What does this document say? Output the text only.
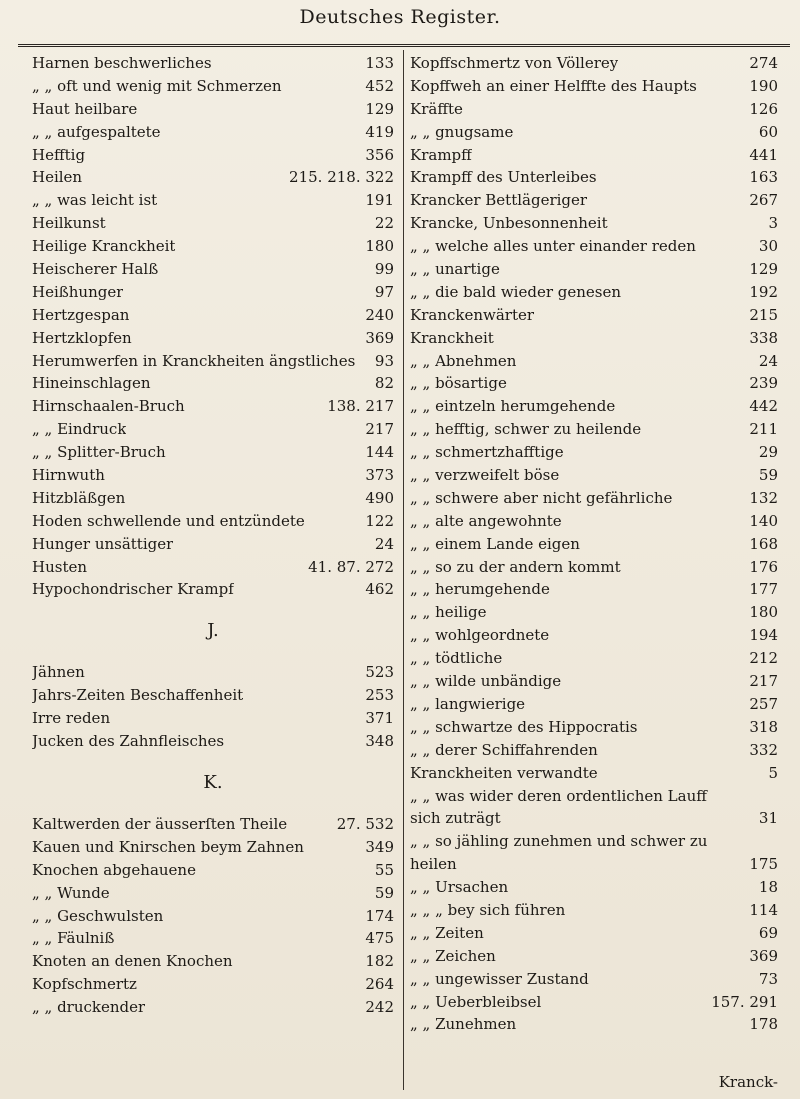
Deutsches Register.
Harnen beschwerliches	133
„ „ oft und wenig mit Schmerzen	452
Haut heilbare	129
„ „ aufgespaltete	419
Hefftig	356
Heilen	215. 218. 322
„ „ was leicht ist	191
Heilkunst	22
Heilige Kranckheit	180
Heischerer Halß	99
Heißhunger	97
Hertzgespan	240
Hertzklopfen	369
Herumwerfen in Kranckheiten ängstliches 93
Hineinschlagen	82
Hirnschaalen-Bruch	138. 217
„ „ Eindruck	217
„ „ Splitter-Bruch	144
Hirnwuth	373
Hitzbläßgen	490
Hoden schwellende und entzündete	122
Hunger unsättiger	24
Husten	41. 87. 272
Hypochondrischer Krampf	462
J.
Jähnen	523
Jahrs-Zeiten Beschaffenheit	253
Irre reden	371
Jucken des Zahnfleisches	348
K.
Kaltwerden der äusserſten Theile	27. 532
Kauen und Knirschen beym Zahnen	349
Knochen abgehauene	55
„ „ Wunde	59
„ „ Geschwulsten	174
„ „ Fäulniß	475
Knoten an denen Knochen	182
Kopfschmertz	264
„ „ druckender	242
Kopffschmertz von Völlerey	274
Kopffweh an einer Helffte des Haupts	190
Kräffte	126
„ „ gnugsame	60
Krampff	441
Krampff des Unterleibes	163
Krancker Bettlägeriger	267
Krancke, Unbesonnenheit	3
„ „ welche alles unter einander reden	30
„ „ unartige	129
„ „ die bald wieder genesen	192
Kranckenwärter	215
Kranckheit	338
„ „ Abnehmen	24
„ „ bösartige	239
„ „ eintzeln herumgehende	442
„ „ hefftig, schwer zu heilende	211
„ „ schmertzhafftige	29
„ „ verzweifelt böse	59
„ „ schwere aber nicht gefährliche	132
„ „ alte angewohnte	140
„ „ einem Lande eigen	168
„ „ so zu der andern kommt	176
„ „ herumgehende	177
„ „ heilige	180
„ „ wohlgeordnete	194
„ „ tödtliche	212
„ „ wilde unbändige	217
„ „ langwierige	257
„ „ schwartze des Hippocratis	318
„ „ derer Schiffahrenden	332
Kranckheiten verwandte	5
„ „ was wider deren ordentlichen Lauff sich zuträgt	31
„ „ so jähling zunehmen und schwer zu heilen	175
„ „ Ursachen	18
„ „ „ bey sich führen	114
„ „ Zeiten	69
„ „ Zeichen	369
„ „ ungewisser Zustand	73
„ „ Ueberbleibsel	157. 291
„ „ Zunehmen	178
Kranck-
